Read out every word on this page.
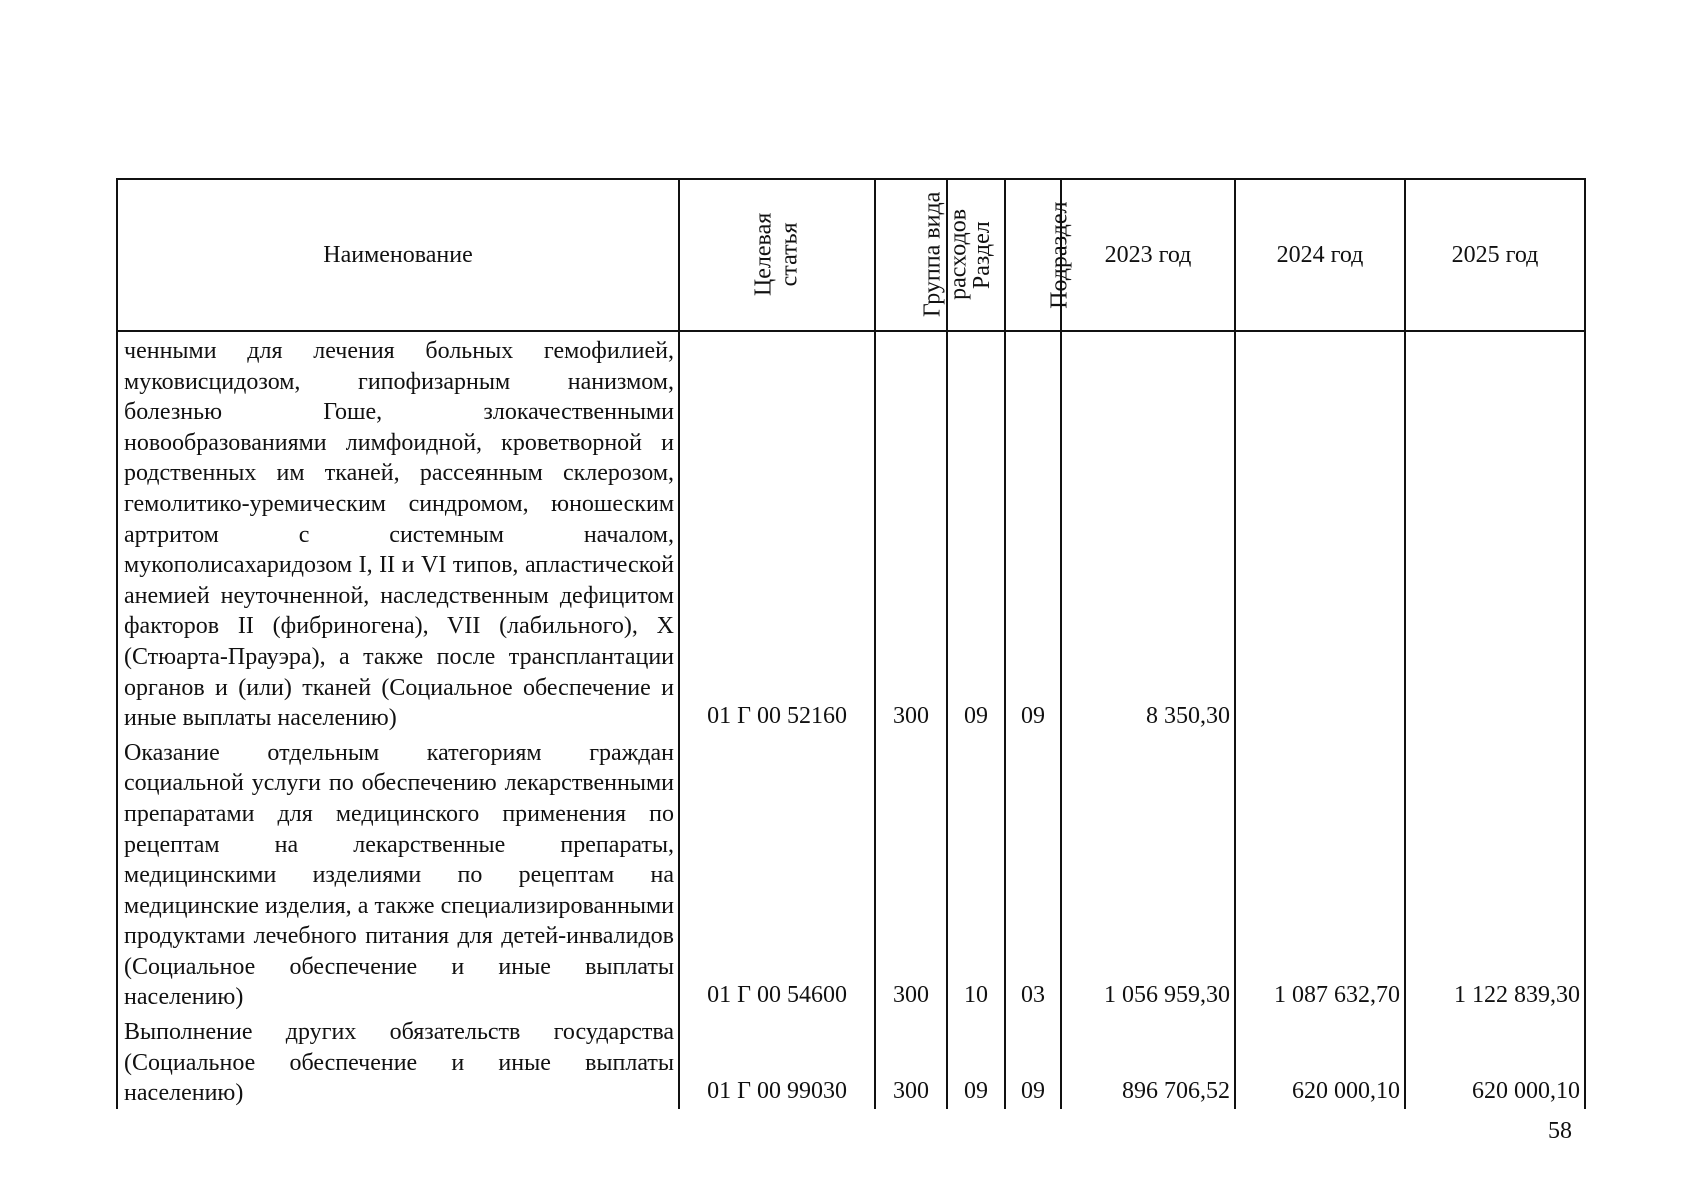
Наименование	Целевая статья	Группа вида расходов	Раздел	Подраздел	2023 год	2024 год	2025 год
ченными для лечения больных гемофилией, муковисцидозом, гипофизарным нанизмом, болезнью Гоше, злокачественными новообразованиями лимфоидной, кроветворной и родственных им тканей, рассеянным склерозом, гемолитико-уремическим синдромом, юношеским артритом с системным началом, мукополисахаридозом I, II и VI типов, апластической анемией неуточненной, наследственным дефицитом факторов II (фибриногена), VII (лабильного), X (Стюарта-Прауэра), а также после трансплантации органов и (или) тканей (Социальное обеспечение и иные выплаты населению)	01 Г 00 52160	300	09	09	8 350,30		
Оказание отдельным категориям граждан социальной услуги по обеспечению лекарственными препаратами для медицинского применения по рецептам на лекарственные препараты, медицинскими изделиями по рецептам на медицинские изделия, а также специализированными продуктами лечебного питания для детей-инвалидов (Социальное обеспечение и иные выплаты населению)	01 Г 00 54600	300	10	03	1 056 959,30	1 087 632,70	1 122 839,30
Выполнение других обязательств государства (Социальное обеспечение и иные выплаты населению)	01 Г 00 99030	300	09	09	896 706,52	620 000,10	620 000,10
58
